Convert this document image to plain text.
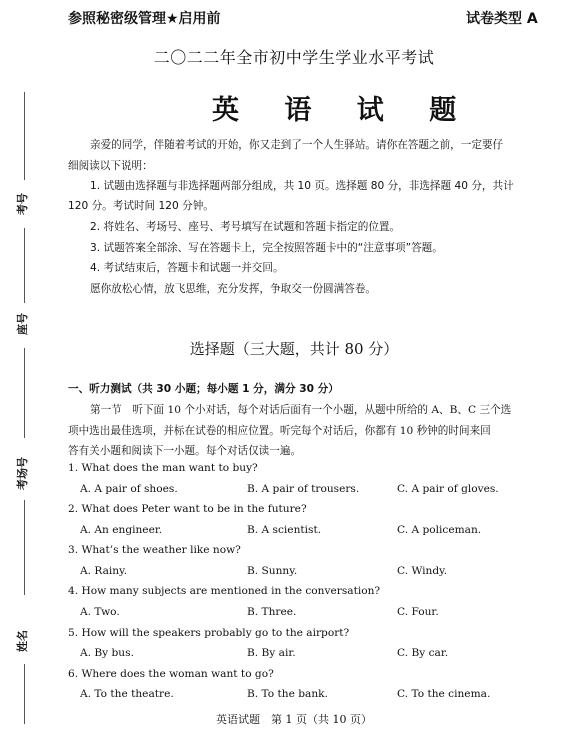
参照秘密级管理★启用前	试卷类型 A
二〇二二年全市初中学生学业水平考试
英 语 试 题
亲爱的同学，伴随着考试的开始，你又走到了一个人生驿站。请你在答题之前，一定要仔
细阅读以下说明：
1. 试题由选择题与非选择题两部分组成，共 10 页。选择题 80 分，非选择题 40 分，共计
120 分。考试时间 120 分钟。
2. 将姓名、考场号、座号、考号填写在试题和答题卡指定的位置。
3. 试题答案全部涂、写在答题卡上，完全按照答题卡中的“注意事项”答题。
4. 考试结束后，答题卡和试题一并交回。
愿你放松心情，放飞思维，充分发挥，争取交一份圆满答卷。
考号
座号
考场号
姓名
选择题（三大题，共计 80 分）
一、听力测试（共 30 小题；每小题 1 分，满分 30 分）
第一节　听下面 10 个小对话，每个对话后面有一个小题，从题中所给的 A、B、C 三个选
项中选出最佳选项，并标在试卷的相应位置。听完每个对话后，你都有 10 秒钟的时间来回
答有关小题和阅读下一小题。每个对话仅读一遍。
1. What does the man want to buy?
A. A pair of shoes.	B. A pair of trousers.	C. A pair of gloves.
2. What does Peter want to be in the future?
A. An engineer.	B. A scientist.	C. A policeman.
3. What’s the weather like now?
A. Rainy.	B. Sunny.	C. Windy.
4. How many subjects are mentioned in the conversation?
A. Two.	B. Three.	C. Four.
5. How will the speakers probably go to the airport?
A. By bus.	B. By air.	C. By car.
6. Where does the woman want to go?
A. To the theatre.	B. To the bank.	C. To the cinema.
英语试题　第 1 页（共 10 页）
